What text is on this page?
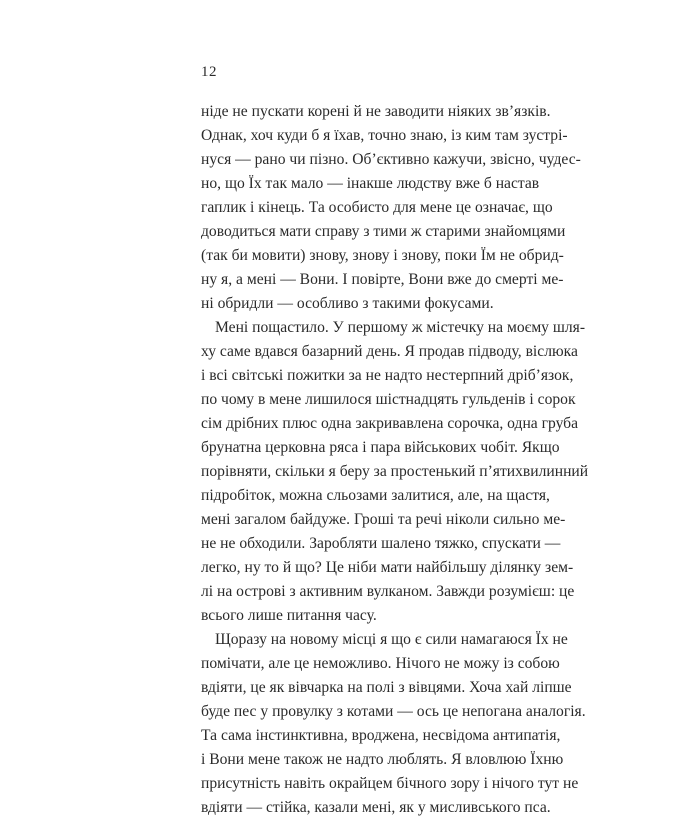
12
ніде не пускати корені й не заводити ніяких зв’язків.
Однак, хоч куди б я їхав, точно знаю, із ким там зустрі-
нуся — рано чи пізно. Об’єктивно кажучи, звісно, чудес-
но, що Їх так мало — інакше людству вже б настав
гаплик і кінець. Та особисто для мене це означає, що
доводиться мати справу з тими ж старими знайомцями
(так би мовити) знову, знову і знову, поки Їм не обрид-
ну я, а мені — Вони. І повірте, Вони вже до смерті ме-
ні обридли — особливо з такими фокусами.
Мені пощастило. У першому ж містечку на моєму шля-
ху саме вдався базарний день. Я продав підводу, віслюка
і всі світські пожитки за не надто нестерпний дріб’язок,
по чому в мене лишилося шістнадцять гульденів і сорок
сім дрібних плюс одна закривавлена сорочка, одна груба
брунатна церковна ряса і пара військових чобіт. Якщо
порівняти, скільки я беру за простенький п’ятихвилинний
підробіток, можна сльозами залитися, але, на щастя,
мені загалом байдуже. Гроші та речі ніколи сильно ме-
не не обходили. Заробляти шалено тяжко, спускати —
легко, ну то й що? Це ніби мати найбільшу ділянку зем-
лі на острові з активним вулканом. Завжди розумієш: це
всього лише питання часу.
Щоразу на новому місці я що є сили намагаюся Їх не
помічати, але це неможливо. Нічого не можу із собою
вдіяти, це як вівчарка на полі з вівцями. Хоча хай ліпше
буде пес у провулку з котами — ось це непогана аналогія.
Та сама інстинктивна, вроджена, несвідома антипатія,
і Вони мене також не надто люблять. Я вловлюю Їхню
присутність навіть окрайцем бічного зору і нічого тут не
вдіяти — стійка, казали мені, як у мисливського пса.
